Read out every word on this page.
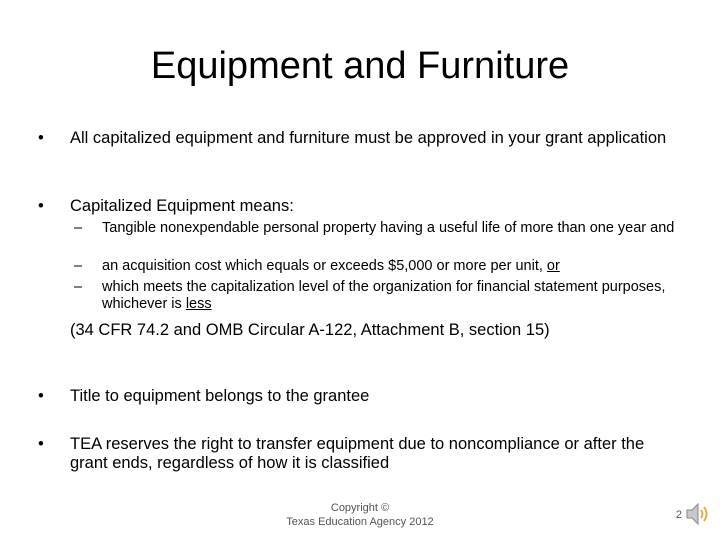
Equipment and Furniture
• All capitalized equipment and furniture must be approved in your grant application
• Capitalized Equipment means:
– Tangible nonexpendable personal property having a useful life of more than one year and
– an acquisition cost which equals or exceeds $5,000 or more per unit, or
– which meets the capitalization level of the organization for financial statement purposes, whichever is less
(34 CFR 74.2 and OMB Circular A-122, Attachment B, section 15)
• Title to equipment belongs to the grantee
• TEA reserves the right to transfer equipment due to noncompliance or after the grant ends, regardless of how it is classified
Copyright ©
Texas Education Agency 2012
2
